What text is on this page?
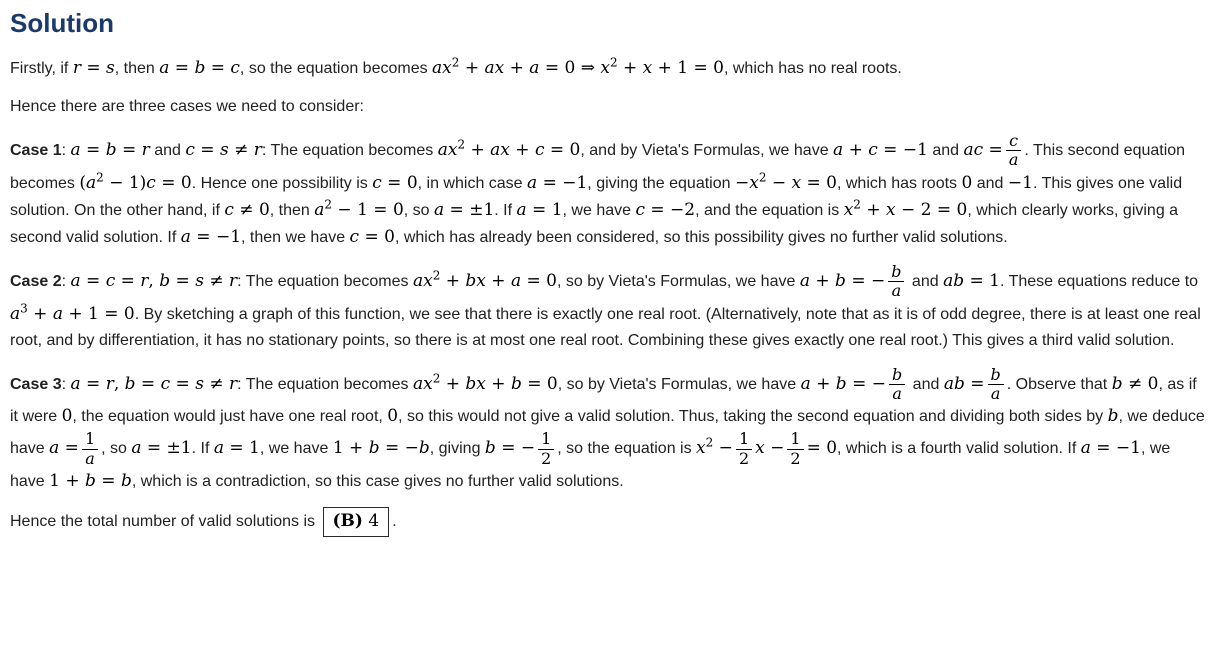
Solution

Firstly, if r = s, then a = b = c, so the equation becomes $ax^2$ + ax + a = 0 ⇒ $x^2 + x + 1 = 0$, which has no real roots.

Hence there are three cases we need to consider:

Case 1: a = b = r and c = s ≠ r: The equation becomes $ax^2$ + ax + c = 0, and by Vieta's Formulas, we have a + c = −1 and ac = $\frac{c}{a}$ . This second equation becomes $(a^2 - 1)c = 0$. Hence one possibility is c = 0, in which case a = −1, giving the equation $-x^2 - x = 0$, which has roots 0 and −1. This gives one valid solution. On the other hand, if c ≠ 0, then $a^2 - 1 = 0$, so a = ±1. If a = 1, we have c = −2, and the equation is $x^2 + x - 2 = 0$, which clearly works, giving a second valid solution. If a = −1, then we have c = 0, which has already been considered, so this possibility gives no further valid solutions.

Case 2: a = c = r, b = s ≠ r: The equation becomes $ax^2$ + bx + a = 0, so by Vieta's Formulas, we have a + b = − $\frac{b}{a}$ and ab = 1. These equations reduce to $a^3 + a + 1 = 0$. By sketching a graph of this function, we see that there is exactly one real root. (Alternatively, note that as it is of odd degree, there is at least one real root, and by differentiation, it has no stationary points, so there is at most one real root. Combining these gives exactly one real root.) This gives a third valid solution.

Case 3: a = r, b = c = s ≠ r: The equation becomes $ax^2$ + bx + b = 0, so by Vieta's Formulas, we have a + b = − $\frac{b}{a}$ and ab = $\frac{b}{a}$ . Observe that b ≠ 0, as if it were 0, the equation would just have one real root, 0, so this would not give a valid solution. Thus, taking the second equation and dividing both sides by b, we deduce have $a = \frac{1}{a}$ , so a = ±1. If a = 1, we have 1 + b = −b, giving b = − $\frac{1}{2}$ , so the equation is $x^2 - \frac{1}{2}$ $x - \frac{1}{2} = 0$, which is a fourth valid solution. If a = −1, we have 1 + b = b, which is a contradiction, so this case gives no further valid solutions.

Hence the total number of valid solutions is (B) 4 .
